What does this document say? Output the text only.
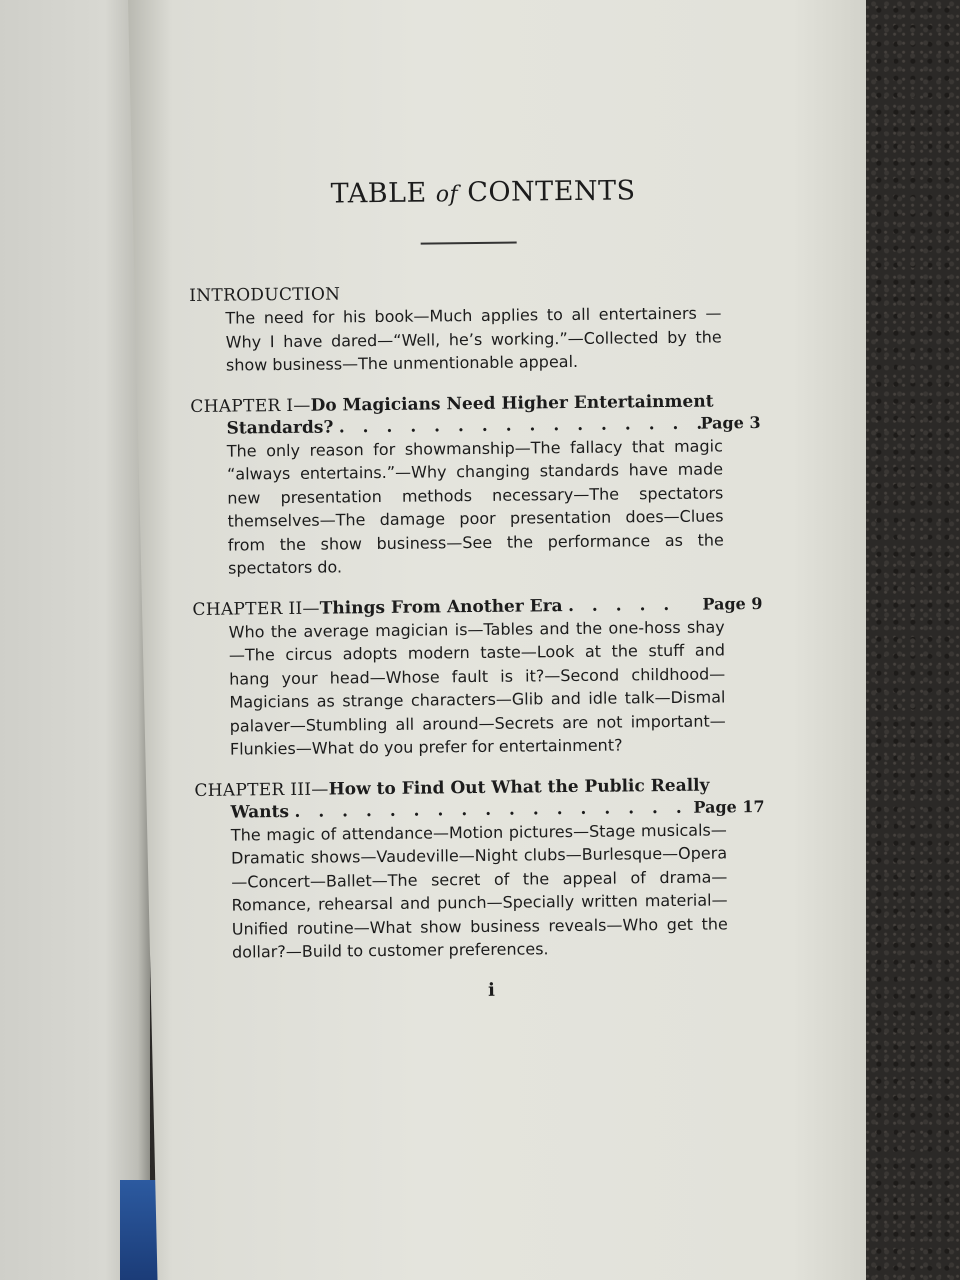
TABLE of CONTENTS
INTRODUCTION
The need for his book—Much applies to all entertainers —Why I have dared—“Well, he’s working.”—Collected by the show business—The unmentionable appeal.
CHAPTER I—Do Magicians Need Higher Entertainment
Standards? . . . . . . . . . . . . . . . .
Page 3
The only reason for showmanship—The fallacy that magic “always entertains.”—Why changing standards have made new presentation methods necessary—The spectators themselves—The damage poor presentation does—Clues from the show business—See the performance as the spectators do.
CHAPTER II—Things From Another Era . . . . . Page 9
Who the average magician is—Tables and the one-hoss shay—The circus adopts modern taste—Look at the stuff and hang your head—Whose fault is it?—Second childhood—Magicians as strange characters—Glib and idle talk—Dismal palaver—Stumbling all around—Secrets are not important—Flunkies—What do you prefer for entertainment?
CHAPTER III—How to Find Out What the Public Really
Wants . . . . . . . . . . . . . . . . . Page 17
The magic of attendance—Motion pictures—Stage musicals—Dramatic shows—Vaudeville—Night clubs—Burlesque—Opera—Concert—Ballet—The secret of the appeal of drama—Romance, rehearsal and punch—Specially written material—Unified routine—What show business reveals—Who get the dollar?—Build to customer preferences.
i
